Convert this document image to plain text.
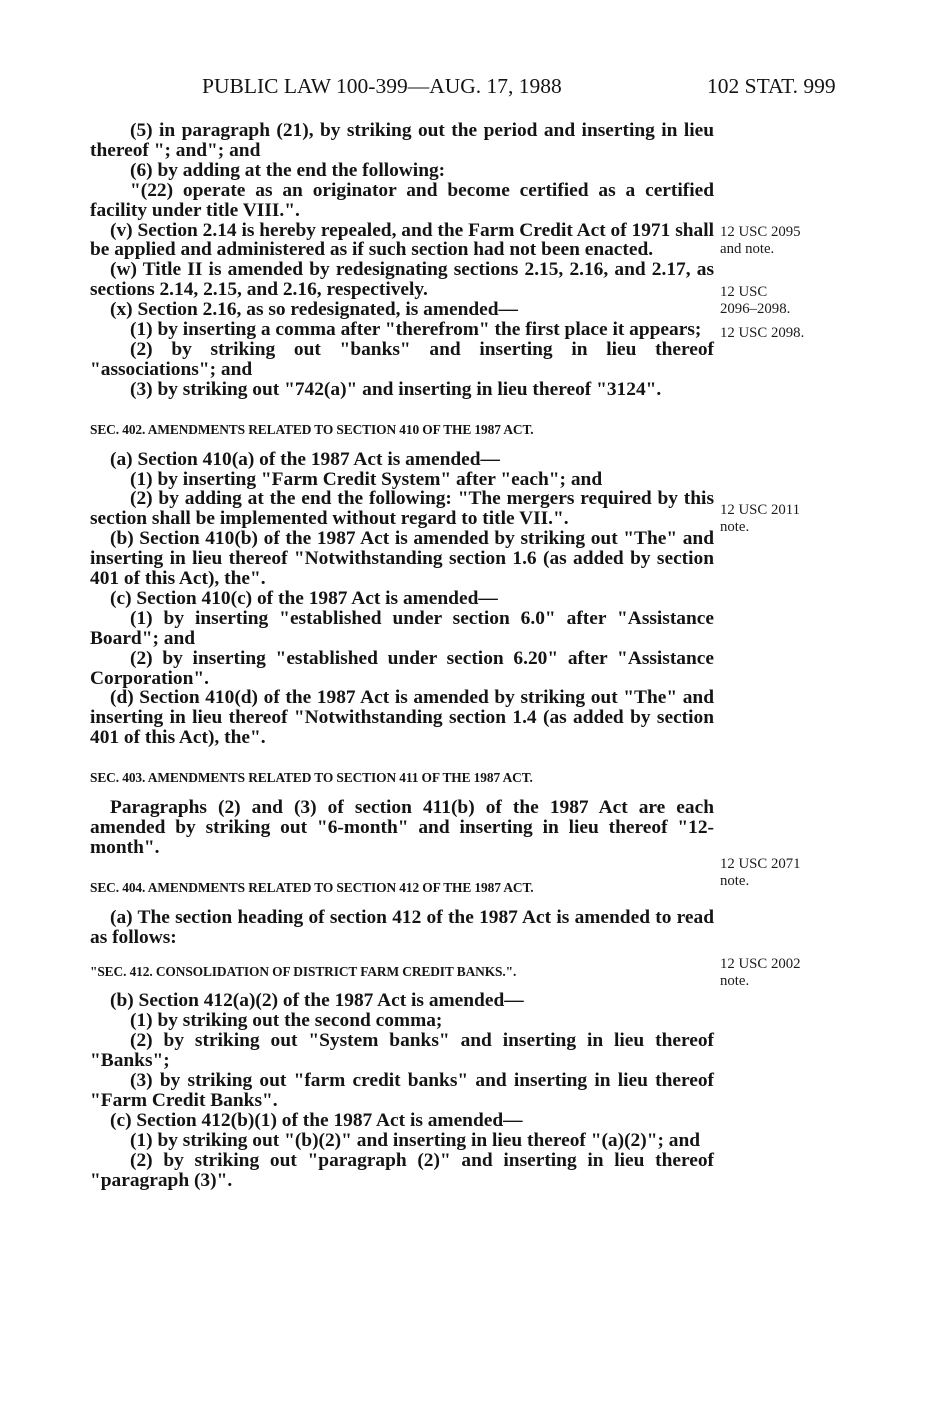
PUBLIC LAW 100-399—AUG. 17, 1988	102 STAT. 999

(5) in paragraph (21), by striking out the period and inserting in lieu thereof "; and"; and

(6) by adding at the end the following:

"(22) operate as an originator and become certified as a certified facility under title VIII.".

(v) Section 2.14 is hereby repealed, and the Farm Credit Act of 1971 shall be applied and administered as if such section had not been enacted.

(w) Title II is amended by redesignating sections 2.15, 2.16, and 2.17, as sections 2.14, 2.15, and 2.16, respectively.

(x) Section 2.16, as so redesignated, is amended—

(1) by inserting a comma after "therefrom" the first place it appears;

(2) by striking out "banks" and inserting in lieu thereof "associations"; and

(3) by striking out "742(a)" and inserting in lieu thereof "3124".

SEC. 402. AMENDMENTS RELATED TO SECTION 410 OF THE 1987 ACT.

(a) Section 410(a) of the 1987 Act is amended—

(1) by inserting "Farm Credit System" after "each"; and

(2) by adding at the end the following: "The mergers required by this section shall be implemented without regard to title VII.".

(b) Section 410(b) of the 1987 Act is amended by striking out "The" and inserting in lieu thereof "Notwithstanding section 1.6 (as added by section 401 of this Act), the".

(c) Section 410(c) of the 1987 Act is amended—

(1) by inserting "established under section 6.0" after "Assistance Board"; and

(2) by inserting "established under section 6.20" after "Assistance Corporation".

(d) Section 410(d) of the 1987 Act is amended by striking out "The" and inserting in lieu thereof "Notwithstanding section 1.4 (as added by section 401 of this Act), the".

SEC. 403. AMENDMENTS RELATED TO SECTION 411 OF THE 1987 ACT.

Paragraphs (2) and (3) of section 411(b) of the 1987 Act are each amended by striking out "6-month" and inserting in lieu thereof "12-month".

SEC. 404. AMENDMENTS RELATED TO SECTION 412 OF THE 1987 ACT.

(a) The section heading of section 412 of the 1987 Act is amended to read as follows:

"SEC. 412. CONSOLIDATION OF DISTRICT FARM CREDIT BANKS.".

(b) Section 412(a)(2) of the 1987 Act is amended—

(1) by striking out the second comma;

(2) by striking out "System banks" and inserting in lieu thereof "Banks";

(3) by striking out "farm credit banks" and inserting in lieu thereof "Farm Credit Banks".

(c) Section 412(b)(1) of the 1987 Act is amended—

(1) by striking out "(b)(2)" and inserting in lieu thereof "(a)(2)"; and

(2) by striking out "paragraph (2)" and inserting in lieu thereof "paragraph (3)".

12 USC 2095
and note.
12 USC
2096–2098.
12 USC 2098.
12 USC 2011
note.
12 USC 2071
note.
12 USC 2002
note.
